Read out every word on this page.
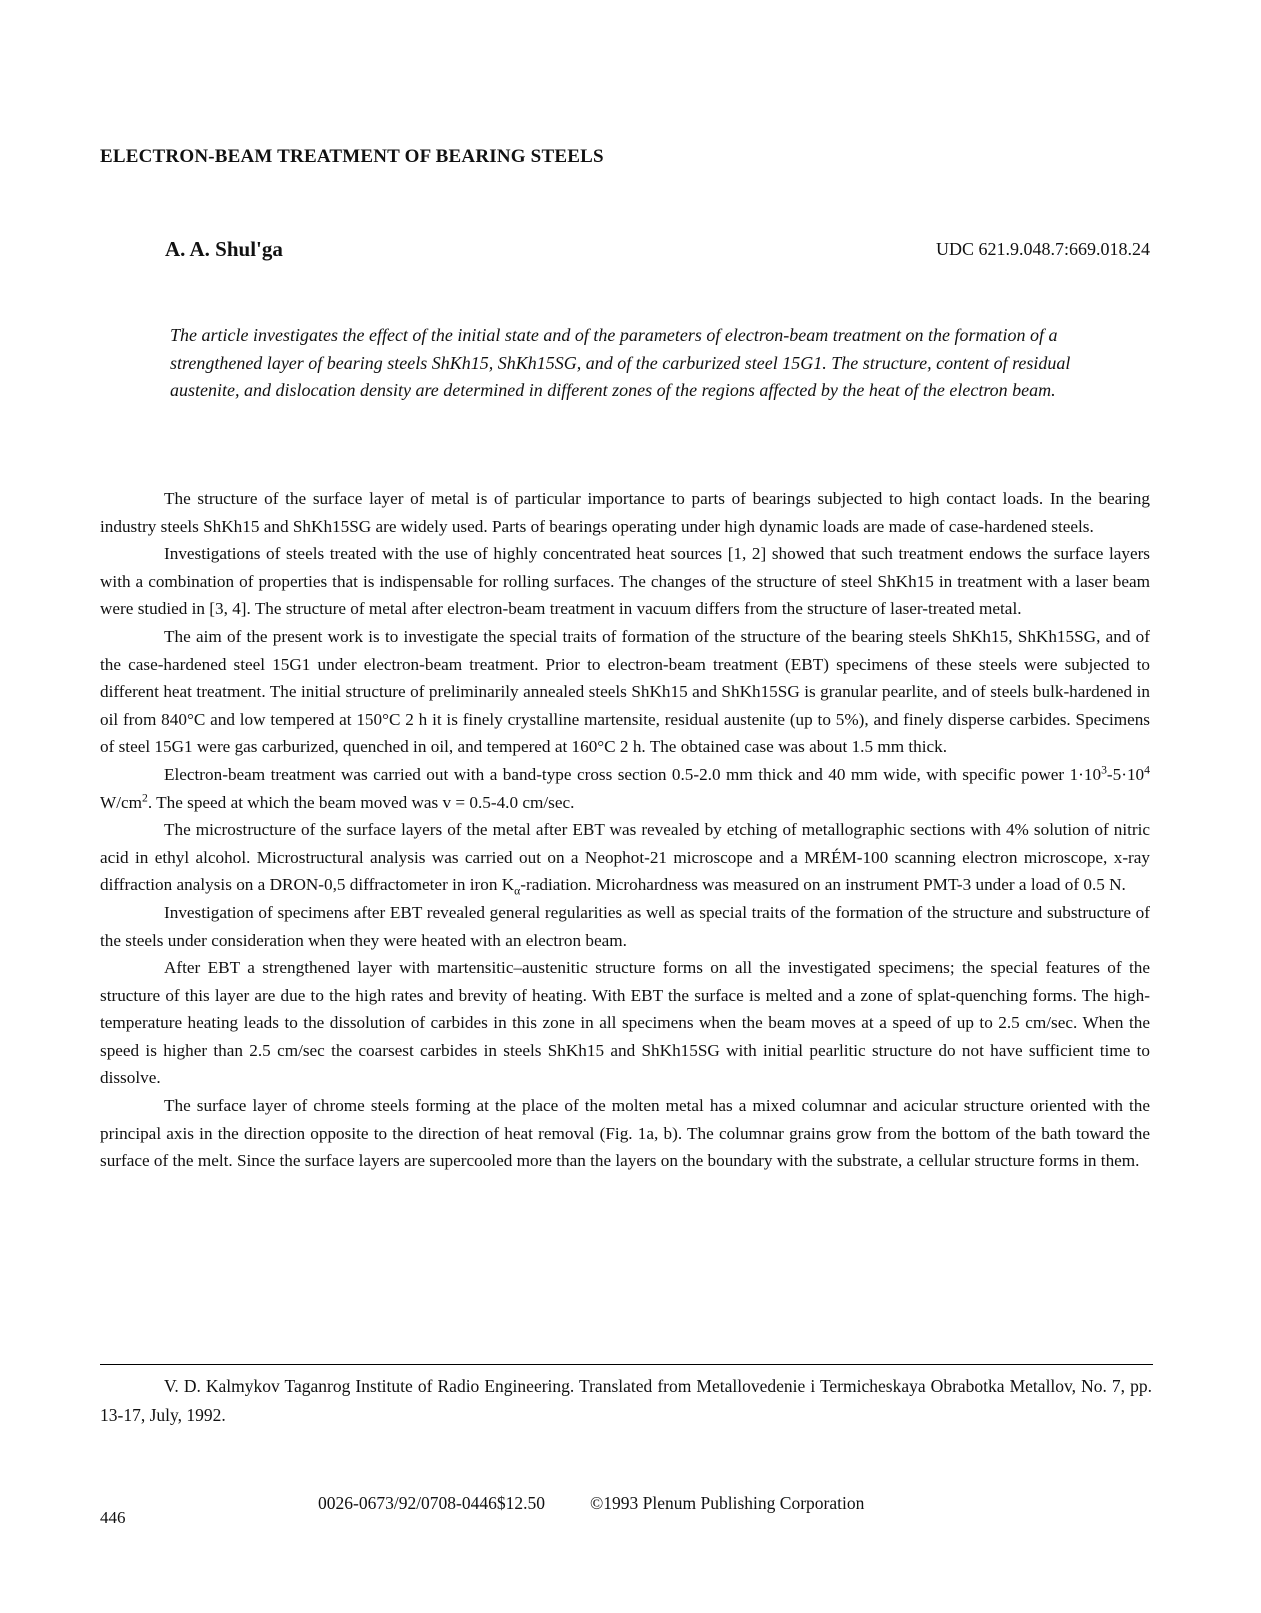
ELECTRON-BEAM TREATMENT OF BEARING STEELS
A. A. Shul'ga	UDC 621.9.048.7:669.018.24

The article investigates the effect of the initial state and of the parameters of electron-beam treatment on the formation of a strengthened layer of bearing steels ShKh15, ShKh15SG, and of the carburized steel 15G1. The structure, content of residual austenite, and dislocation density are determined in different zones of the regions affected by the heat of the electron beam.

The structure of the surface layer of metal is of particular importance to parts of bearings subjected to high contact loads. In the bearing industry steels ShKh15 and ShKh15SG are widely used. Parts of bearings operating under high dynamic loads are made of case-hardened steels.

Investigations of steels treated with the use of highly concentrated heat sources [1, 2] showed that such treatment endows the surface layers with a combination of properties that is indispensable for rolling surfaces. The changes of the structure of steel ShKh15 in treatment with a laser beam were studied in [3, 4]. The structure of metal after electron-beam treatment in vacuum differs from the structure of laser-treated metal.

The aim of the present work is to investigate the special traits of formation of the structure of the bearing steels ShKh15, ShKh15SG, and of the case-hardened steel 15G1 under electron-beam treatment. Prior to electron-beam treatment (EBT) specimens of these steels were subjected to different heat treatment. The initial structure of preliminarily annealed steels ShKh15 and ShKh15SG is granular pearlite, and of steels bulk-hardened in oil from 840°C and low tempered at 150°C 2 h it is finely crystalline martensite, residual austenite (up to 5%), and finely disperse carbides. Specimens of steel 15G1 were gas carburized, quenched in oil, and tempered at 160°C 2 h. The obtained case was about 1.5 mm thick.

Electron-beam treatment was carried out with a band-type cross section 0.5-2.0 mm thick and 40 mm wide, with specific power $1\cdot 10^3-5\cdot 10^4$ $W/cm^2$. The speed at which the beam moved was v = 0.5-4.0 cm/sec.

The microstructure of the surface layers of the metal after EBT was revealed by etching of metallographic sections with 4% solution of nitric acid in ethyl alcohol. Microstructural analysis was carried out on a Neophot-21 microscope and a MRÉM-100 scanning electron microscope, x-ray diffraction analysis on a DRON-0,5 diffractometer in iron $K_\alpha$-radiation. Microhardness was measured on an instrument PMT-3 under a load of 0.5 N.

Investigation of specimens after EBT revealed general regularities as well as special traits of the formation of the structure and substructure of the steels under consideration when they were heated with an electron beam.

After EBT a strengthened layer with martensitic–austenitic structure forms on all the investigated specimens; the special features of the structure of this layer are due to the high rates and brevity of heating. With EBT the surface is melted and a zone of splat-quenching forms. The high-temperature heating leads to the dissolution of carbides in this zone in all specimens when the beam moves at a speed of up to 2.5 cm/sec. When the speed is higher than 2.5 cm/sec the coarsest carbides in steels ShKh15 and ShKh15SG with initial pearlitic structure do not have sufficient time to dissolve.

The surface layer of chrome steels forming at the place of the molten metal has a mixed columnar and acicular structure oriented with the principal axis in the direction opposite to the direction of heat removal (Fig. 1a, b). The columnar grains grow from the bottom of the bath toward the surface of the melt. Since the surface layers are supercooled more than the layers on the boundary with the substrate, a cellular structure forms in them.

V. D. Kalmykov Taganrog Institute of Radio Engineering. Translated from Metallovedenie i Termicheskaya Obrabotka Metallov, No. 7, pp. 13-17, July, 1992.

446
0026-0673/92/0708-0446$12.50	©1993 Plenum Publishing Corporation
